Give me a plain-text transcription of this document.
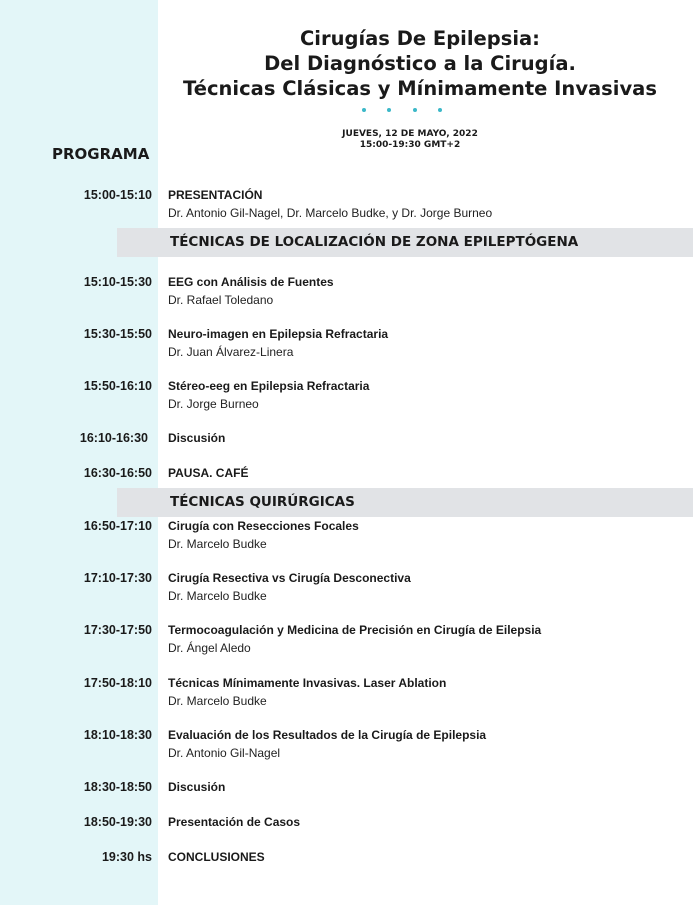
Cirugías De Epilepsia:
Del Diagnóstico a la Cirugía.
Técnicas Clásicas y Mínimamente Invasivas
JUEVES, 12 DE MAYO, 2022
15:00-19:30 GMT+2
PROGRAMA
15:00-15:10 PRESENTACIÓN
Dr. Antonio Gil-Nagel, Dr. Marcelo Budke, y Dr. Jorge Burneo
TÉCNICAS DE LOCALIZACIÓN DE ZONA EPILEPTÓGENA
15:10-15:30 EEG con Análisis de Fuentes
Dr. Rafael Toledano
15:30-15:50 Neuro-imagen en Epilepsia Refractaria
Dr. Juan Álvarez-Linera
15:50-16:10 Stéreo-eeg en Epilepsia Refractaria
Dr. Jorge Burneo
16:10-16:30 Discusión
16:30-16:50 PAUSA. CAFÉ
TÉCNICAS QUIRÚRGICAS
16:50-17:10 Cirugía con Resecciones Focales
Dr. Marcelo Budke
17:10-17:30 Cirugía Resectiva vs Cirugía Desconectiva
Dr. Marcelo Budke
17:30-17:50 Termocoagulación y Medicina de Precisión en Cirugía de Eilepsia
Dr. Ángel Aledo
17:50-18:10 Técnicas Mínimamente Invasivas. Laser Ablation
Dr. Marcelo Budke
18:10-18:30 Evaluación de los Resultados de la Cirugía de Epilepsia
Dr. Antonio Gil-Nagel
18:30-18:50 Discusión
18:50-19:30 Presentación de Casos
19:30 hs CONCLUSIONES
